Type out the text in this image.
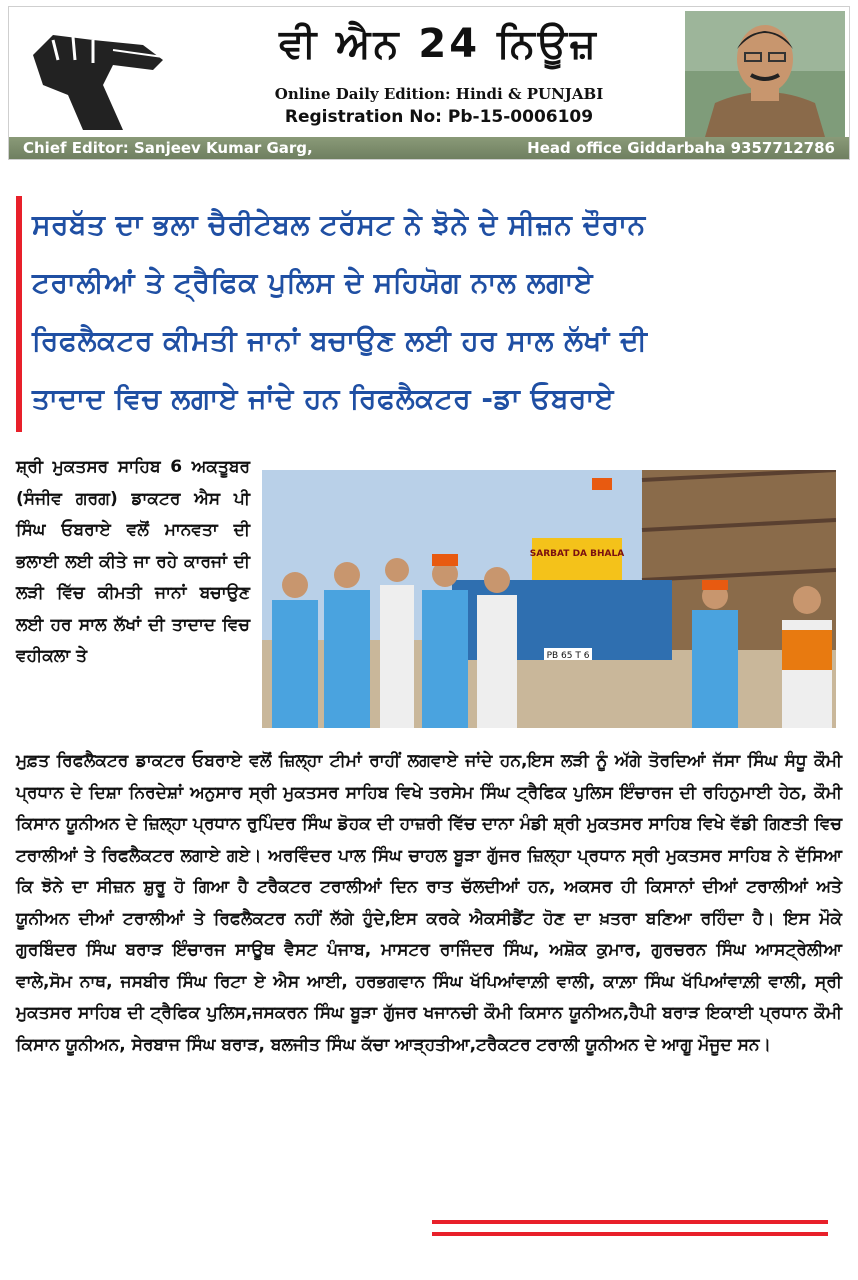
ਵੀ ਐਨ 24 ਨਿਊਜ਼
Online Daily Edition: Hindi & PUNJABI
Registration No: Pb-15-0006109
Chief Editor: Sanjeev Kumar Garg,	Head office Giddarbaha 9357712786
ਸਰਬੱਤ ਦਾ ਭਲਾ ਚੈਰੀਟੇਬਲ ਟਰੱਸਟ ਨੇ ਝੋਨੇ ਦੇ ਸੀਜ਼ਨ ਦੌਰਾਨ
ਟਰਾਲੀਆਂ ਤੇ ਟ੍ਰੈਫਿਕ ਪੁਲਿਸ ਦੇ ਸਹਿਯੋਗ ਨਾਲ ਲਗਾਏ
ਰਿਫਲੈਕਟਰ ਕੀਮਤੀ ਜਾਨਾਂ ਬਚਾਉਣ ਲਈ ਹਰ ਸਾਲ ਲੱਖਾਂ ਦੀ
ਤਾਦਾਦ ਵਿਚ ਲਗਾਏ ਜਾਂਦੇ ਹਨ ਰਿਫਲੈਕਟਰ -ਡਾ ਓਬਰਾਏ
ਸ਼੍ਰੀ ਮੁਕਤਸਰ ਸਾਹਿਬ 6 ਅਕਤੂਬਰ (ਸੰਜੀਵ ਗਰਗ) ਡਾਕਟਰ ਐਸ ਪੀ ਸਿੰਘ ਓਬਰਾਏ ਵਲੋਂ ਮਾਨਵਤਾ ਦੀ ਭਲਾਈ ਲਈ ਕੀਤੇ ਜਾ ਰਹੇ ਕਾਰਜਾਂ ਦੀ ਲੜੀ ਵਿੱਚ ਕੀਮਤੀ ਜਾਨਾਂ ਬਚਾਉਣ ਲਈ ਹਰ ਸਾਲ ਲੱਖਾਂ ਦੀ ਤਾਦਾਦ ਵਿਚ ਵਹੀਕਲਾ ਤੇ
SARBAT DA BHALA
PB 65 T 6
ਮੁਫ਼ਤ ਰਿਫਲੈਕਟਰ ਡਾਕਟਰ ਓਬਰਾਏ ਵਲੋਂ ਜ਼ਿਲ੍ਹਾ ਟੀਮਾਂ ਰਾਹੀਂ ਲਗਵਾਏ ਜਾਂਦੇ ਹਨ,ਇਸ ਲੜੀ ਨੂੰ ਅੱਗੇ ਤੋਰਦਿਆਂ ਜੱਸਾ ਸਿੰਘ ਸੰਧੂ ਕੌਮੀ ਪ੍ਰਧਾਨ ਦੇ ਦਿਸ਼ਾ ਨਿਰਦੇਸ਼ਾਂ ਅਨੁਸਾਰ ਸ੍ਰੀ ਮੁਕਤਸਰ ਸਾਹਿਬ ਵਿਖੇ ਤਰਸੇਮ ਸਿੰਘ ਟ੍ਰੈਫਿਕ ਪੁਲਿਸ ਇੰਚਾਰਜ ਦੀ ਰਹਿਨੁਮਾਈ ਹੇਠ, ਕੌਮੀ ਕਿਸਾਨ ਯੂਨੀਅਨ ਦੇ ਜ਼ਿਲ੍ਹਾ ਪ੍ਰਧਾਨ ਰੁਪਿੰਦਰ ਸਿੰਘ ਡੋਹਕ ਦੀ ਹਾਜ਼ਰੀ ਵਿੱਚ ਦਾਨਾ ਮੰਡੀ ਸ਼੍ਰੀ ਮੁਕਤਸਰ ਸਾਹਿਬ ਵਿਖੇ ਵੱਡੀ ਗਿਣਤੀ ਵਿਚ ਟਰਾਲੀਆਂ ਤੇ ਰਿਫਲੈਕਟਰ ਲਗਾਏ ਗਏ। ਅਰਵਿੰਦਰ ਪਾਲ ਸਿੰਘ ਚਾਹਲ ਬੂੜਾ ਗੁੱਜਰ ਜ਼ਿਲ੍ਹਾ ਪ੍ਰਧਾਨ ਸ੍ਰੀ ਮੁਕਤਸਰ ਸਾਹਿਬ ਨੇ ਦੱਸਿਆ ਕਿ ਝੋਨੇ ਦਾ ਸੀਜ਼ਨ ਸ਼ੁਰੂ ਹੋ ਗਿਆ ਹੈ ਟਰੈਕਟਰ ਟਰਾਲੀਆਂ ਦਿਨ ਰਾਤ ਚੱਲਦੀਆਂ ਹਨ, ਅਕਸਰ ਹੀ ਕਿਸਾਨਾਂ ਦੀਆਂ ਟਰਾਲੀਆਂ ਅਤੇ ਯੂਨੀਅਨ ਦੀਆਂ ਟਰਾਲੀਆਂ ਤੇ ਰਿਫਲੈਕਟਰ ਨਹੀਂ ਲੱਗੇ ਹੁੰਦੇ,ਇਸ ਕਰਕੇ ਐਕਸੀਡੈਂਟ ਹੋਣ ਦਾ ਖ਼ਤਰਾ ਬਣਿਆ ਰਹਿੰਦਾ ਹੈ। ਇਸ ਮੌਕੇ ਗੁਰਬਿੰਦਰ ਸਿੰਘ ਬਰਾੜ ਇੰਚਾਰਜ ਸਾਊਥ ਵੈਸਟ ਪੰਜਾਬ, ਮਾਸਟਰ ਰਾਜਿੰਦਰ ਸਿੰਘ, ਅਸ਼ੋਕ ਕੁਮਾਰ, ਗੁਰਚਰਨ ਸਿੰਘ ਆਸਟ੍ਰੇਲੀਆ ਵਾਲੇ,ਸੋਮ ਨਾਥ, ਜਸਬੀਰ ਸਿੰਘ ਰਿਟਾ ਏ ਐਸ ਆਈ, ਹਰਭਗਵਾਨ ਸਿੰਘ ਖੱਪਿਆਂਵਾਲ਼ੀ ਵਾਲੀ, ਕਾਲ਼ਾ ਸਿੰਘ ਖੱਪਿਆਂਵਾਲ਼ੀ ਵਾਲੀ, ਸ੍ਰੀ ਮੁਕਤਸਰ ਸਾਹਿਬ ਦੀ ਟ੍ਰੈਫਿਕ ਪੁਲਿਸ,ਜਸਕਰਨ ਸਿੰਘ ਬੂੜਾ ਗੁੱਜਰ ਖਜਾਨਚੀ ਕੌਮੀ ਕਿਸਾਨ ਯੂਨੀਅਨ,ਹੈਪੀ ਬਰਾੜ ਇਕਾਈ ਪ੍ਰਧਾਨ ਕੌਮੀ ਕਿਸਾਨ ਯੂਨੀਅਨ, ਸੇਰਬਾਜ ਸਿੰਘ ਬਰਾੜ, ਬਲਜੀਤ ਸਿੰਘ ਕੱਚਾ ਆੜ੍ਹਤੀਆ,ਟਰੈਕਟਰ ਟਰਾਲੀ ਯੂਨੀਅਨ ਦੇ ਆਗੂ ਮੌਜੂਦ ਸਨ।
